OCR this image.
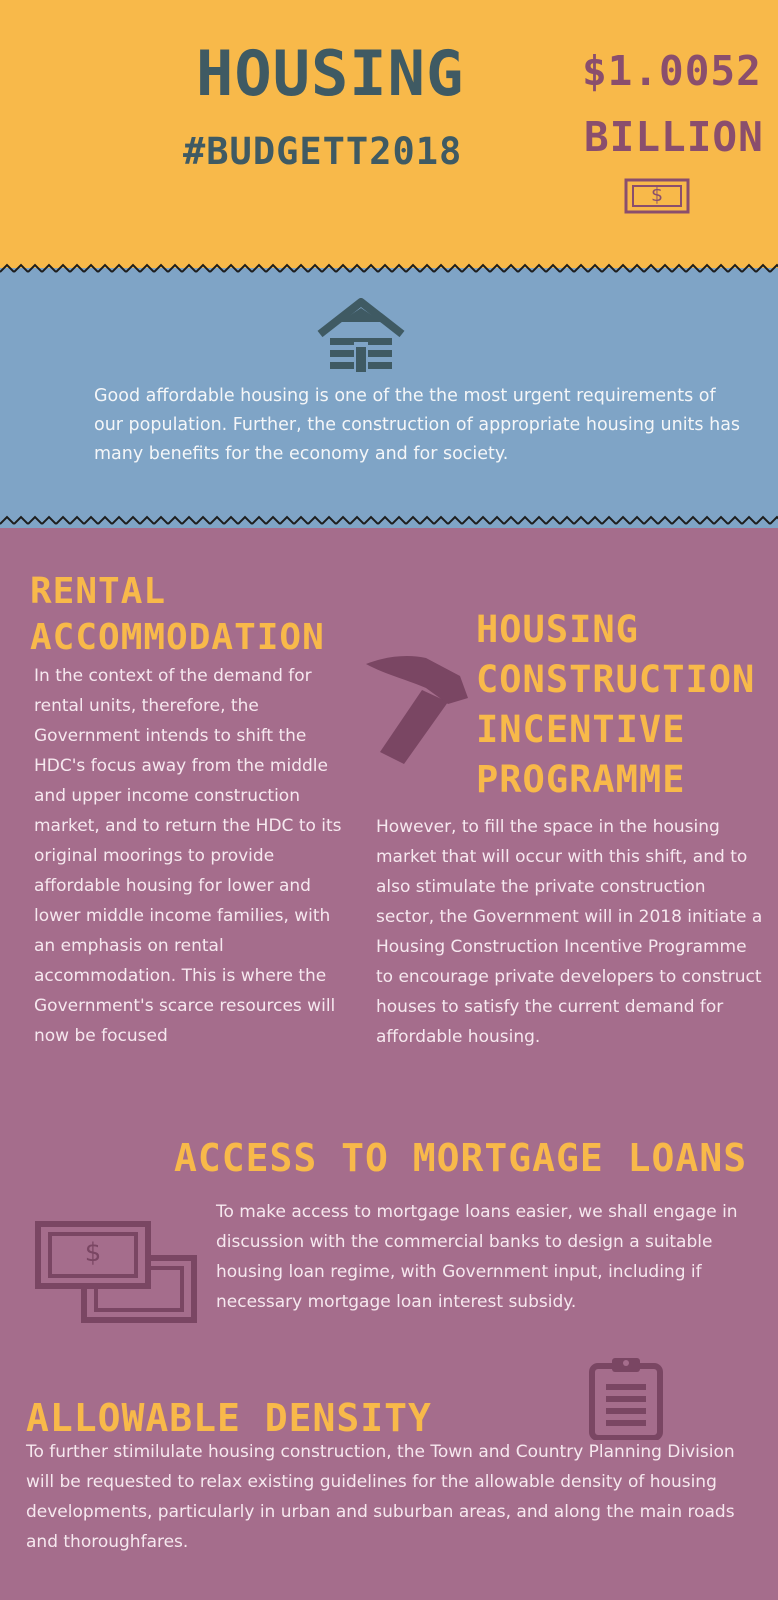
HOUSING
#BUDGETT2018
$1.0052
BILLION
$

Good affordable housing is one of the the most urgent requirements of our population. Further, the construction of appropriate housing units has many benefits for the economy and for society.

RENTAL
ACCOMMODATION

In the context of the demand for rental units, therefore, the Government intends to shift the HDC's focus away from the middle and upper income construction market, and to return the HDC to its original moorings to provide affordable housing for lower and lower middle income families, with an emphasis on rental accommodation. This is where the Government's scarce resources will now be focused

HOUSING
CONSTRUCTION
INCENTIVE
PROGRAMME

However, to fill the space in the housing market that will occur with this shift, and to also stimulate the private construction sector, the Government will in 2018 initiate a Housing Construction Incentive Programme to encourage private developers to construct houses to satisfy the current demand for affordable housing.

ACCESS TO MORTGAGE LOANS
$

To make access to mortgage loans easier, we shall engage in discussion with the commercial banks to design a suitable housing loan regime, with Government input, including if necessary mortgage loan interest subsidy.

ALLOWABLE DENSITY

To further stimilulate housing construction, the Town and Country Planning Division will be requested to relax existing guidelines for the allowable density of housing developments, particularly in urban and suburban areas, and along the main roads and thoroughfares.
